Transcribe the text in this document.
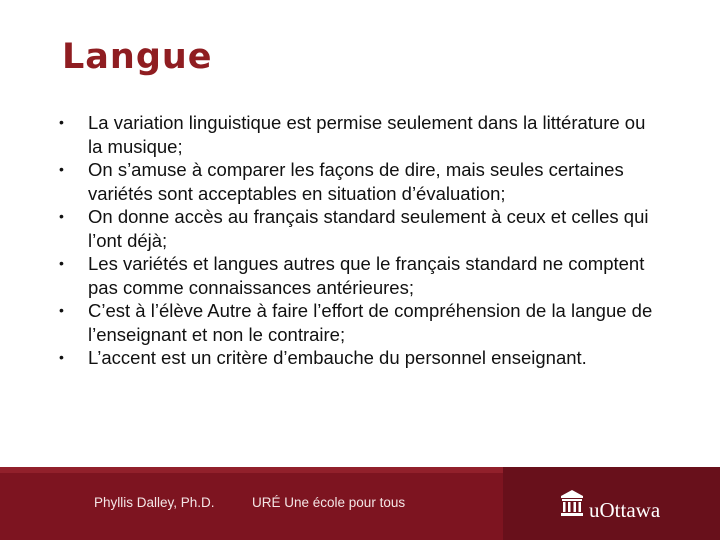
Langue
• La variation linguistique est permise seulement dans la littérature ou la musique;
• On s’amuse à comparer les façons de dire, mais seules certaines variétés sont acceptables en situation d’évaluation;
• On donne accès au français standard seulement à ceux et celles qui l’ont déjà;
• Les variétés et langues autres que le français standard ne comptent pas comme connaissances antérieures;
• C’est à l’élève Autre à faire l’effort de compréhension de la langue de l’enseignant et non le contraire;
• L’accent est un critère d’embauche du personnel enseignant.
Phyllis Dalley, Ph.D.	URÉ Une école pour tous	uOttawa
